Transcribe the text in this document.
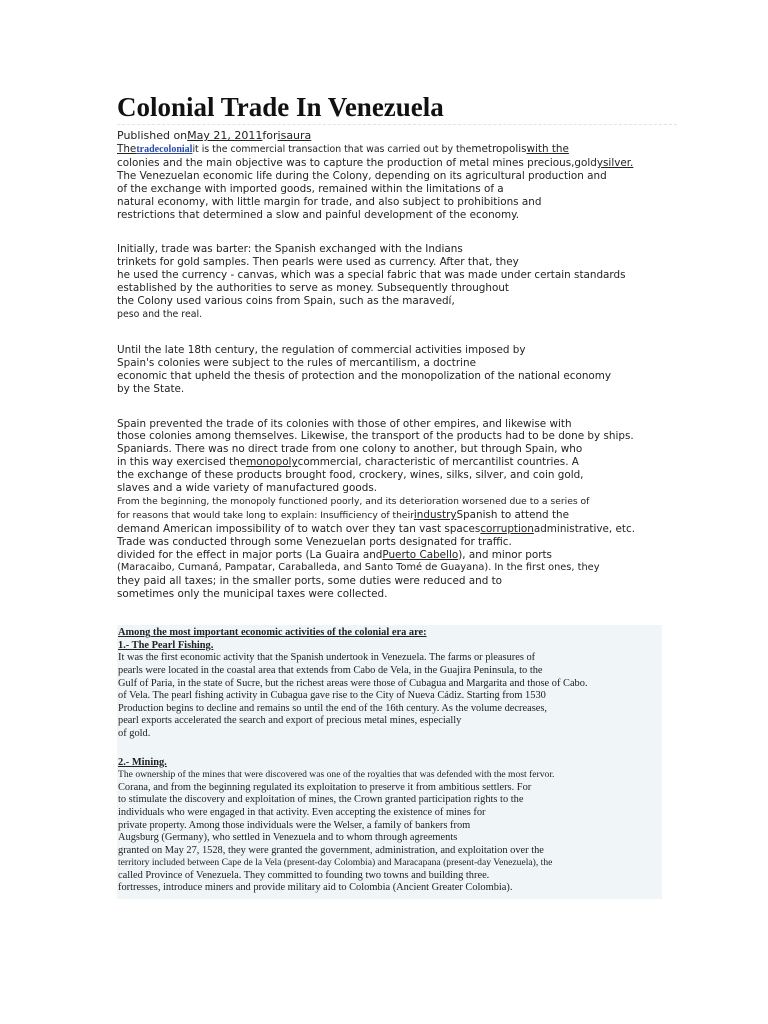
Colonial Trade In Venezuela
Published onMay 21, 2011forisaura

Thetradecolonialit is the commercial transaction that was carried out by themetropoliswith the
colonies and the main objective was to capture the production of metal mines precious,goldysilver.

The Venezuelan economic life during the Colony, depending on its agricultural production and
of the exchange with imported goods, remained within the limitations of a
natural economy, with little margin for trade, and also subject to prohibitions and
restrictions that determined a slow and painful development of the economy.

Initially, trade was barter: the Spanish exchanged with the Indians
trinkets for gold samples. Then pearls were used as currency. After that, they
he used the currency - canvas, which was a special fabric that was made under certain standards
established by the authorities to serve as money. Subsequently throughout
the Colony used various coins from Spain, such as the maravedí,
peso and the real.

Until the late 18th century, the regulation of commercial activities imposed by
Spain's colonies were subject to the rules of mercantilism, a doctrine
economic that upheld the thesis of protection and the monopolization of the national economy
by the State.

Spain prevented the trade of its colonies with those of other empires, and likewise with
those colonies among themselves. Likewise, the transport of the products had to be done by ships.
Spaniards. There was no direct trade from one colony to another, but through Spain, who
in this way exercised themonopolycommercial, characteristic of mercantilist countries. A
the exchange of these products brought food, crockery, wines, silks, silver, and coin gold,
slaves and a wide variety of manufactured goods.

From the beginning, the monopoly functioned poorly, and its deterioration worsened due to a series of
for reasons that would take long to explain: Insufficiency of theirindustrySpanish to attend the
demand American impossibility of to watch over they tan vast spacescorruptionadministrative, etc.
Trade was conducted through some Venezuelan ports designated for traffic.
divided for the effect in major ports (La Guaira andPuerto Cabello), and minor ports
(Maracaibo, Cumaná, Pampatar, Caraballeda, and Santo Tomé de Guayana). In the first ones, they
they paid all taxes; in the smaller ports, some duties were reduced and to
sometimes only the municipal taxes were collected.

Among the most important economic activities of the colonial era are:

1.- The Pearl Fishing.

It was the first economic activity that the Spanish undertook in Venezuela. The farms or pleasures of
pearls were located in the coastal area that extends from Cabo de Vela, in the Guajira Peninsula, to the
Gulf of Paria, in the state of Sucre, but the richest areas were those of Cubagua and Margarita and those of Cabo.
of Vela. The pearl fishing activity in Cubagua gave rise to the City of Nueva Cádiz. Starting from 1530
Production begins to decline and remains so until the end of the 16th century. As the volume decreases,
pearl exports accelerated the search and export of precious metal mines, especially
of gold.

2.- Mining.

The ownership of the mines that were discovered was one of the royalties that was defended with the most fervor.
Corana, and from the beginning regulated its exploitation to preserve it from ambitious settlers. For
to stimulate the discovery and exploitation of mines, the Crown granted participation rights to the
individuals who were engaged in that activity. Even accepting the existence of mines for
private property. Among those individuals were the Welser, a family of bankers from
Augsburg (Germany), who settled in Venezuela and to whom through agreements
granted on May 27, 1528, they were granted the government, administration, and exploitation over the
territory included between Cape de la Vela (present-day Colombia) and Maracapana (present-day Venezuela), the
called Province of Venezuela. They committed to founding two towns and building three.
fortresses, introduce miners and provide military aid to Colombia (Ancient Greater Colombia).
